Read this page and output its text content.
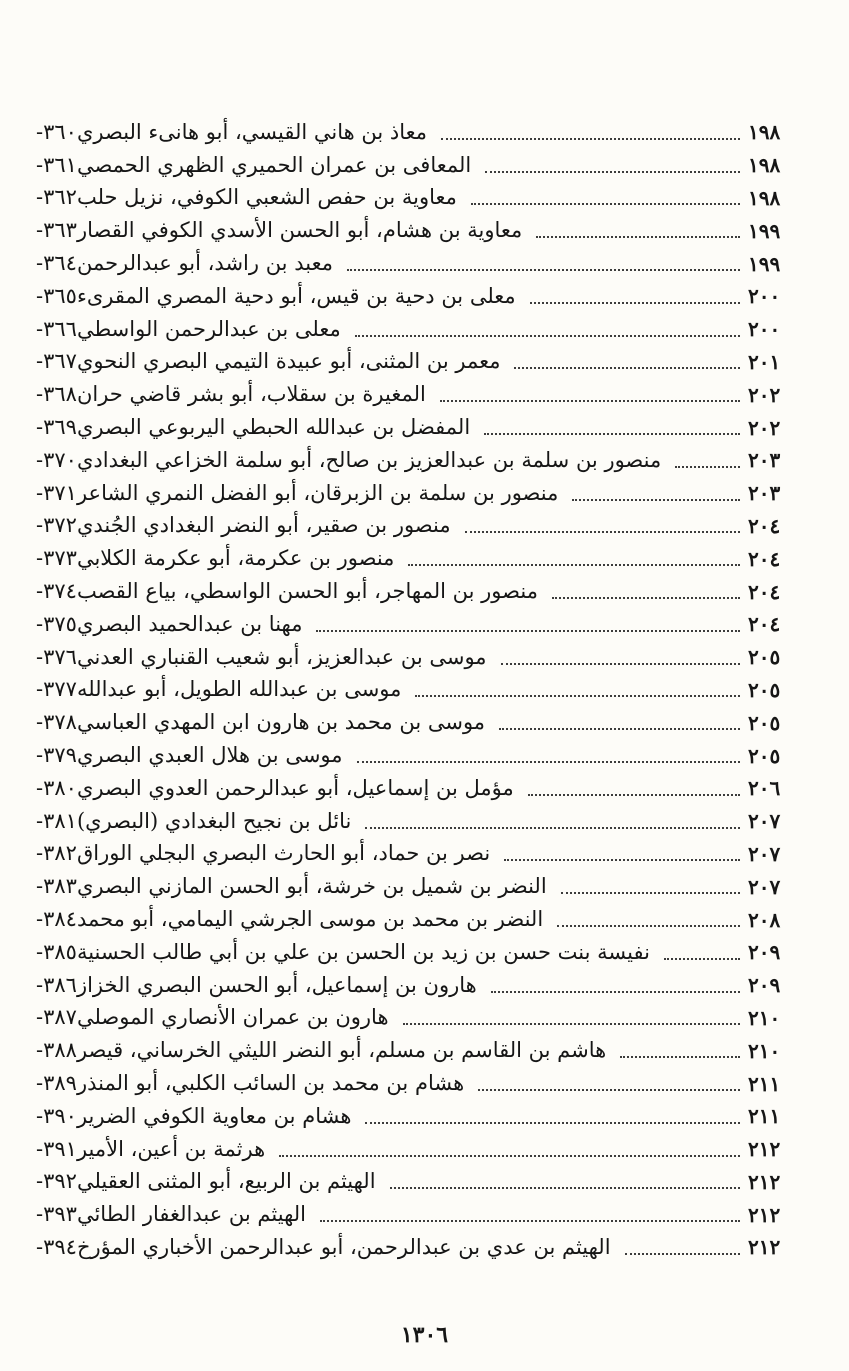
٣٦٠- معاذ بن هاني القيسي، أبو هانىء البصري	١٩٨
٣٦١- المعافى بن عمران الحميري الظهري الحمصي	١٩٨
٣٦٢- معاوية بن حفص الشعبي الكوفي، نزيل حلب	١٩٨
٣٦٣- معاوية بن هشام، أبو الحسن الأسدي الكوفي القصار	١٩٩
٣٦٤- معبد بن راشد، أبو عبدالرحمن	١٩٩
٣٦٥- معلى بن دحية بن قيس، أبو دحية المصري المقرىء	٢٠٠
٣٦٦- معلى بن عبدالرحمن الواسطي	٢٠٠
٣٦٧- معمر بن المثنى، أبو عبيدة التيمي البصري النحوي	٢٠١
٣٦٨- المغيرة بن سقلاب، أبو بشر قاضي حران	٢٠٢
٣٦٩- المفضل بن عبدالله الحبطي اليربوعي البصري	٢٠٢
٣٧٠- منصور بن سلمة بن عبدالعزيز بن صالح، أبو سلمة الخزاعي البغدادي	٢٠٣
٣٧١- منصور بن سلمة بن الزبرقان، أبو الفضل النمري الشاعر	٢٠٣
٣٧٢- منصور بن صقير، أبو النضر البغدادي الجُندي	٢٠٤
٣٧٣- منصور بن عكرمة، أبو عكرمة الكلابي	٢٠٤
٣٧٤- منصور بن المهاجر، أبو الحسن الواسطي، بياع القصب	٢٠٤
٣٧٥- مهنا بن عبدالحميد البصري	٢٠٤
٣٧٦- موسى بن عبدالعزيز، أبو شعيب القنباري العدني	٢٠٥
٣٧٧- موسى بن عبدالله الطويل، أبو عبدالله	٢٠٥
٣٧٨- موسى بن محمد بن هارون ابن المهدي العباسي	٢٠٥
٣٧٩- موسى بن هلال العبدي البصري	٢٠٥
٣٨٠- مؤمل بن إسماعيل، أبو عبدالرحمن العدوي البصري	٢٠٦
٣٨١- نائل بن نجيح البغدادي (البصري)	٢٠٧
٣٨٢- نصر بن حماد، أبو الحارث البصري البجلي الوراق	٢٠٧
٣٨٣- النضر بن شميل بن خرشة، أبو الحسن المازني البصري	٢٠٧
٣٨٤- النضر بن محمد بن موسى الجرشي اليمامي، أبو محمد	٢٠٨
٣٨٥- نفيسة بنت حسن بن زيد بن الحسن بن علي بن أبي طالب الحسنية	٢٠٩
٣٨٦- هارون بن إسماعيل، أبو الحسن البصري الخزاز	٢٠٩
٣٨٧- هارون بن عمران الأنصاري الموصلي	٢١٠
٣٨٨- هاشم بن القاسم بن مسلم، أبو النضر الليثي الخرساني، قيصر	٢١٠
٣٨٩- هشام بن محمد بن السائب الكلبي، أبو المنذر	٢١١
٣٩٠- هشام بن معاوية الكوفي الضرير	٢١١
٣٩١- هرثمة بن أعين، الأمير	٢١٢
٣٩٢- الهيثم بن الربيع، أبو المثنى العقيلي	٢١٢
٣٩٣- الهيثم بن عبدالغفار الطائي	٢١٢
٣٩٤- الهيثم بن عدي بن عبدالرحمن، أبو عبدالرحمن الأخباري المؤرخ	٢١٢
١٣٠٦
